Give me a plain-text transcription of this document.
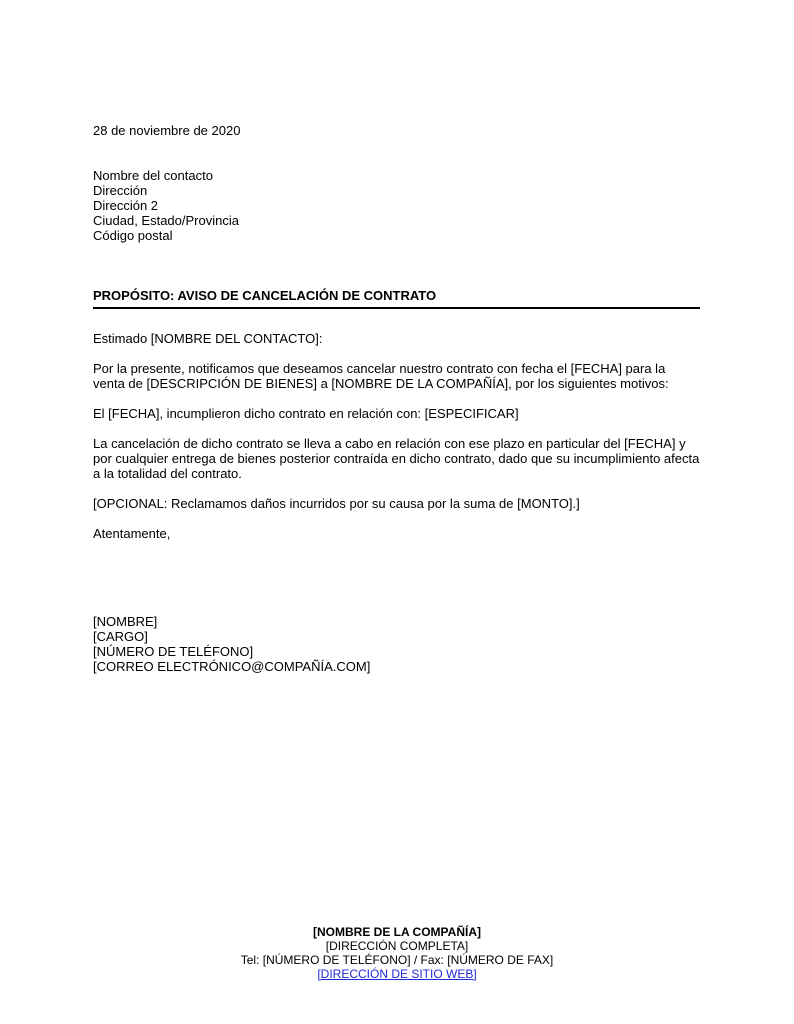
28 de noviembre de 2020
Nombre del contacto
Dirección
Dirección 2
Ciudad, Estado/Provincia
Código postal
PROPÓSITO: AVISO DE CANCELACIÓN DE CONTRATO

Estimado [NOMBRE DEL CONTACTO]:

Por la presente, notificamos que deseamos cancelar nuestro contrato con fecha el [FECHA] para la
venta de [DESCRIPCIÓN DE BIENES] a [NOMBRE DE LA COMPAÑÍA], por los siguientes motivos:

El [FECHA], incumplieron dicho contrato en relación con: [ESPECIFICAR]

La cancelación de dicho contrato se lleva a cabo en relación con ese plazo en particular del [FECHA] y
por cualquier entrega de bienes posterior contraída en dicho contrato, dado que su incumplimiento afecta
a la totalidad del contrato.

[OPCIONAL: Reclamamos daños incurridos por su causa por la suma de [MONTO].]

Atentamente,

[NOMBRE]
[CARGO]
[NÚMERO DE TELÉFONO]
[CORREO ELECTRÓNICO@COMPAÑÍA.COM]
[NOMBRE DE LA COMPAÑÍA]
[DIRECCIÓN COMPLETA]
Tel: [NÚMERO DE TELÉFONO] / Fax: [NÚMERO DE FAX]
[DIRECCIÓN DE SITIO WEB]
